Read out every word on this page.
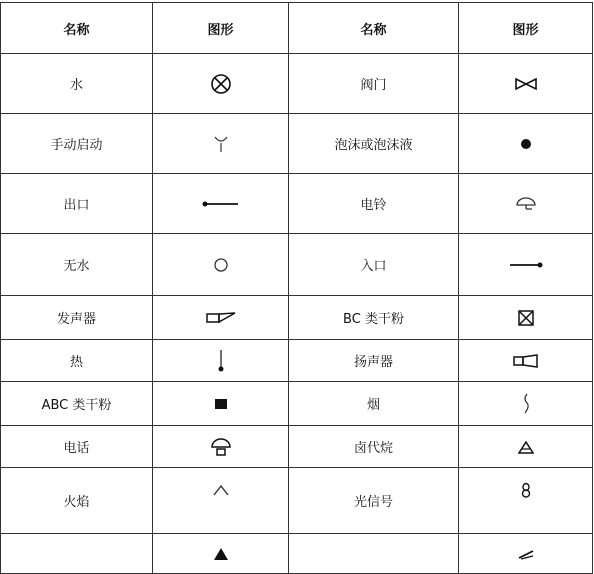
名称	图形	名称	图形
水		阀门	

手动启动		泡沫或泡沫液	

出口		电铃	

无水		入口	

发声器		BC 类干粉	

热		扬声器	

ABC 类干粉		烟	

电话		卤代烷	

火焰		光信号	
